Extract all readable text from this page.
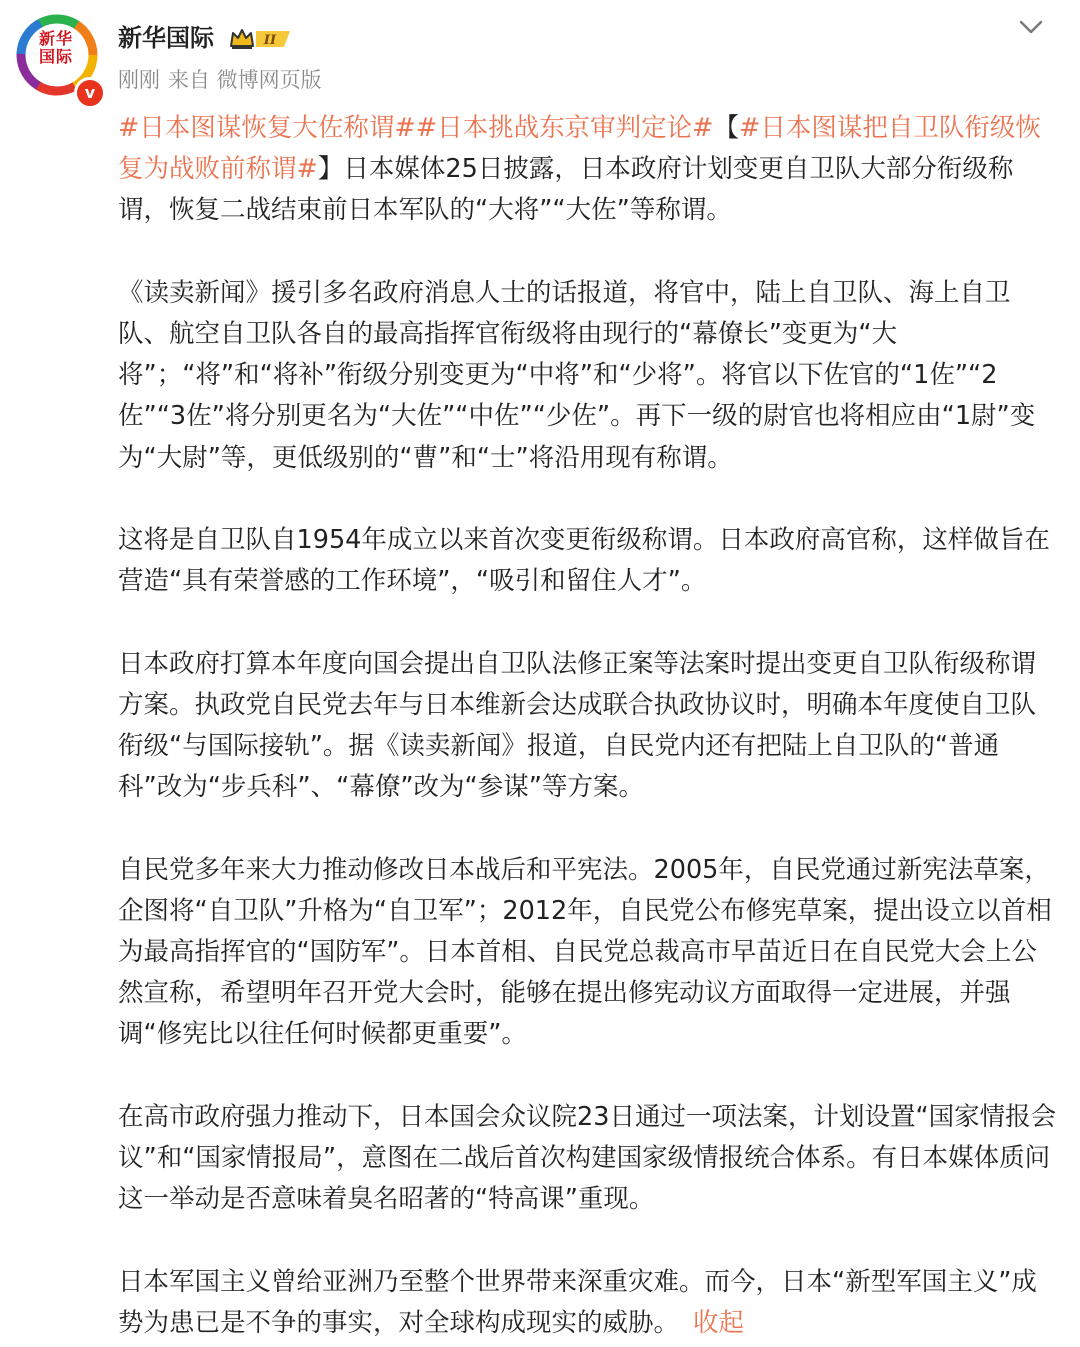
新华
国际
v
新华国际	II
刚刚 来自 微博网页版

#日本图谋恢复大佐称谓##日本挑战东京审判定论#【#日本图谋把自卫队衔级恢复为战败前称谓#】日本媒体25日披露，日本政府计划变更自卫队大部分衔级称谓，恢复二战结束前日本军队的“大将”“大佐”等称谓。

《读卖新闻》援引多名政府消息人士的话报道，将官中，陆上自卫队、海上自卫队、航空自卫队各自的最高指挥官衔级将由现行的“幕僚长”变更为“大将”；“将”和“将补”衔级分别变更为“中将”和“少将”。将官以下佐官的“1佐”“2佐”“3佐”将分别更名为“大佐”“中佐”“少佐”。再下一级的尉官也将相应由“1尉”变为“大尉”等，更低级别的“曹”和“士”将沿用现有称谓。

这将是自卫队自1954年成立以来首次变更衔级称谓。日本政府高官称，这样做旨在营造“具有荣誉感的工作环境”，“吸引和留住人才”。

日本政府打算本年度向国会提出自卫队法修正案等法案时提出变更自卫队衔级称谓方案。执政党自民党去年与日本维新会达成联合执政协议时，明确本年度使自卫队衔级“与国际接轨”。据《读卖新闻》报道，自民党内还有把陆上自卫队的“普通科”改为“步兵科”、“幕僚”改为“参谋”等方案。

自民党多年来大力推动修改日本战后和平宪法。2005年，自民党通过新宪法草案，企图将“自卫队”升格为“自卫军”；2012年，自民党公布修宪草案，提出设立以首相为最高指挥官的“国防军”。日本首相、自民党总裁高市早苗近日在自民党大会上公然宣称，希望明年召开党大会时，能够在提出修宪动议方面取得一定进展，并强调“修宪比以往任何时候都更重要”。

在高市政府强力推动下，日本国会众议院23日通过一项法案，计划设置“国家情报会议”和“国家情报局”，意图在二战后首次构建国家级情报统合体系。有日本媒体质问这一举动是否意味着臭名昭著的“特高课”重现。

日本军国主义曾给亚洲乃至整个世界带来深重灾难。而今，日本“新型军国主义”成势为患已是不争的事实，对全球构成现实的威胁。 收起
